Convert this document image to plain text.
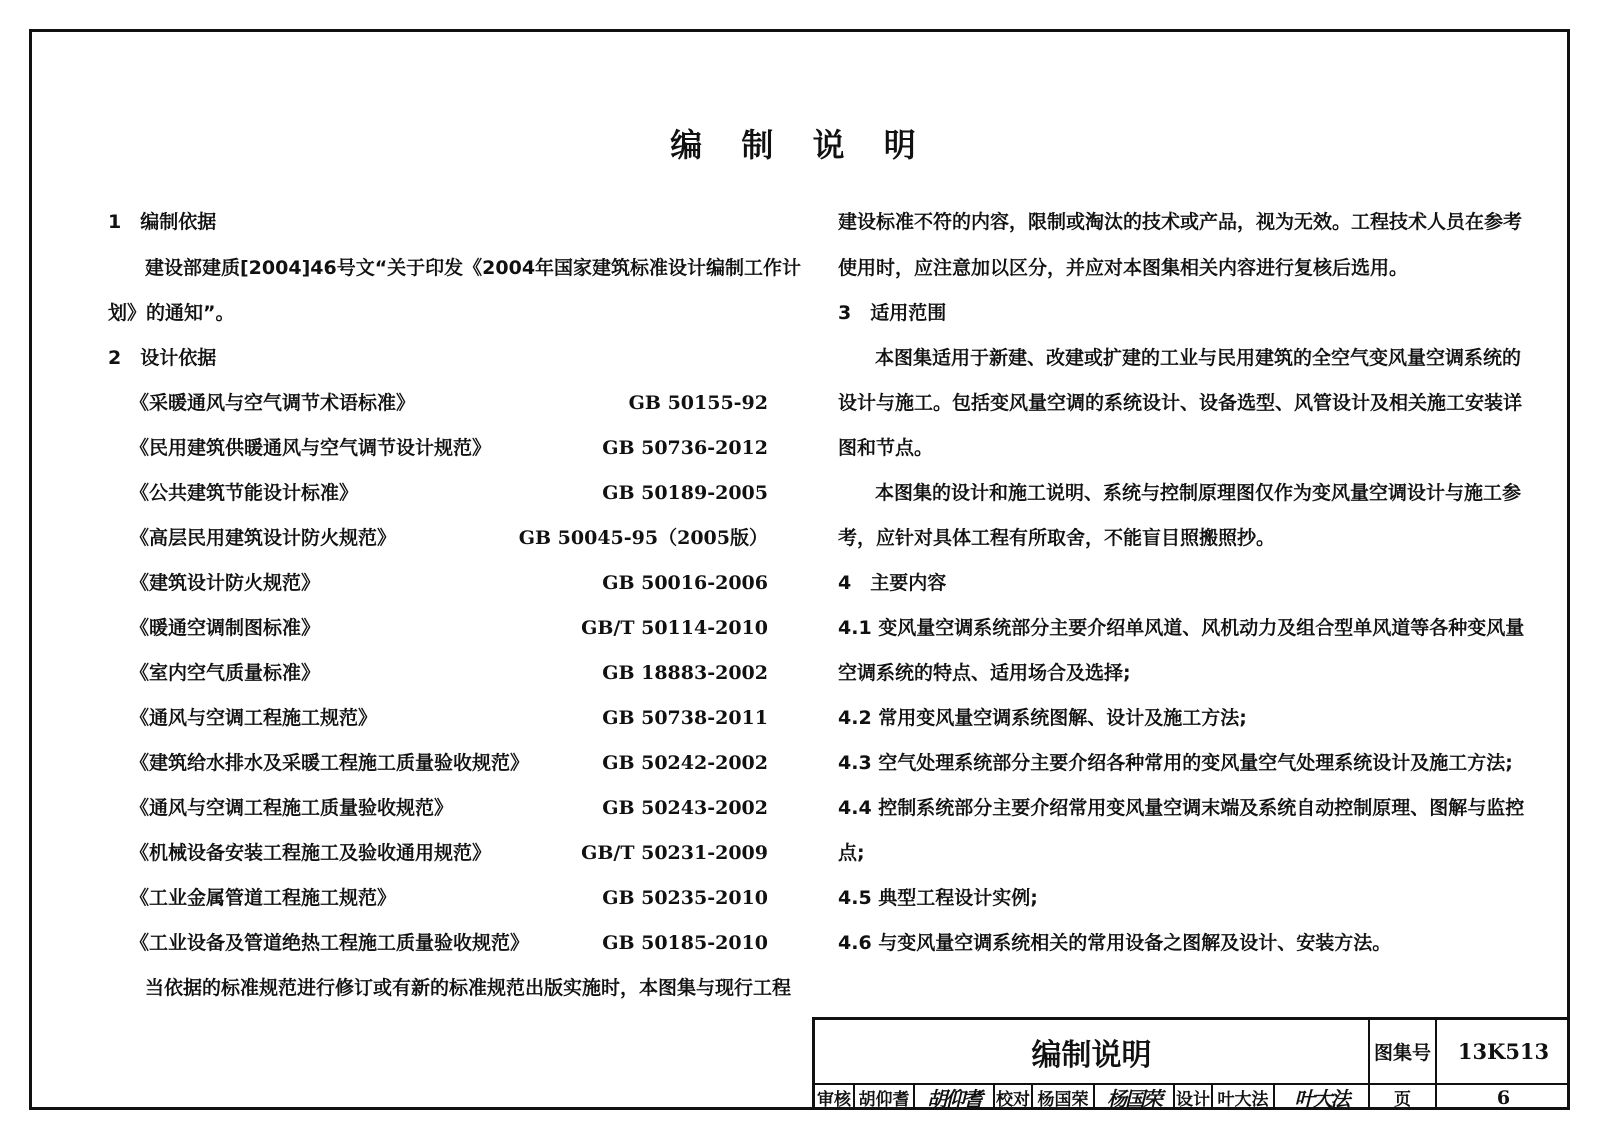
编 制 说 明
1　编制依据
建设部建质[2004]46号文“关于印发《2004年国家建筑标准设计编制工作计
划》的通知”。
2　设计依据
《采暖通风与空气调节术语标准》	GB 50155-92
《民用建筑供暖通风与空气调节设计规范》	GB 50736-2012
《公共建筑节能设计标准》	GB 50189-2005
《高层民用建筑设计防火规范》	GB 50045-95（2005版）
《建筑设计防火规范》	GB 50016-2006
《暖通空调制图标准》	GB/T 50114-2010
《室内空气质量标准》	GB 18883-2002
《通风与空调工程施工规范》	GB 50738-2011
《建筑给水排水及采暖工程施工质量验收规范》	GB 50242-2002
《通风与空调工程施工质量验收规范》	GB 50243-2002
《机械设备安装工程施工及验收通用规范》	GB/T 50231-2009
《工业金属管道工程施工规范》	GB 50235-2010
《工业设备及管道绝热工程施工质量验收规范》	GB 50185-2010
当依据的标准规范进行修订或有新的标准规范出版实施时，本图集与现行工程
建设标准不符的内容，限制或淘汰的技术或产品，视为无效。工程技术人员在参考
使用时，应注意加以区分，并应对本图集相关内容进行复核后选用。
3　适用范围
本图集适用于新建、改建或扩建的工业与民用建筑的全空气变风量空调系统的
设计与施工。包括变风量空调的系统设计、设备选型、风管设计及相关施工安装详
图和节点。
本图集的设计和施工说明、系统与控制原理图仅作为变风量空调设计与施工参
考，应针对具体工程有所取舍，不能盲目照搬照抄。
4　主要内容
4.1 变风量空调系统部分主要介绍单风道、风机动力及组合型单风道等各种变风量
空调系统的特点、适用场合及选择;
4.2 常用变风量空调系统图解、设计及施工方法;
4.3 空气处理系统部分主要介绍各种常用的变风量空气处理系统设计及施工方法;
4.4 控制系统部分主要介绍常用变风量空调末端及系统自动控制原理、图解与监控
点;
4.5 典型工程设计实例;
4.6 与变风量空调系统相关的常用设备之图解及设计、安装方法。
编制说明	图集号	13K513
审核 胡仰耆 胡仰耆 校对 杨国荣 杨国荣 设计 叶大法	叶大法	页	6
